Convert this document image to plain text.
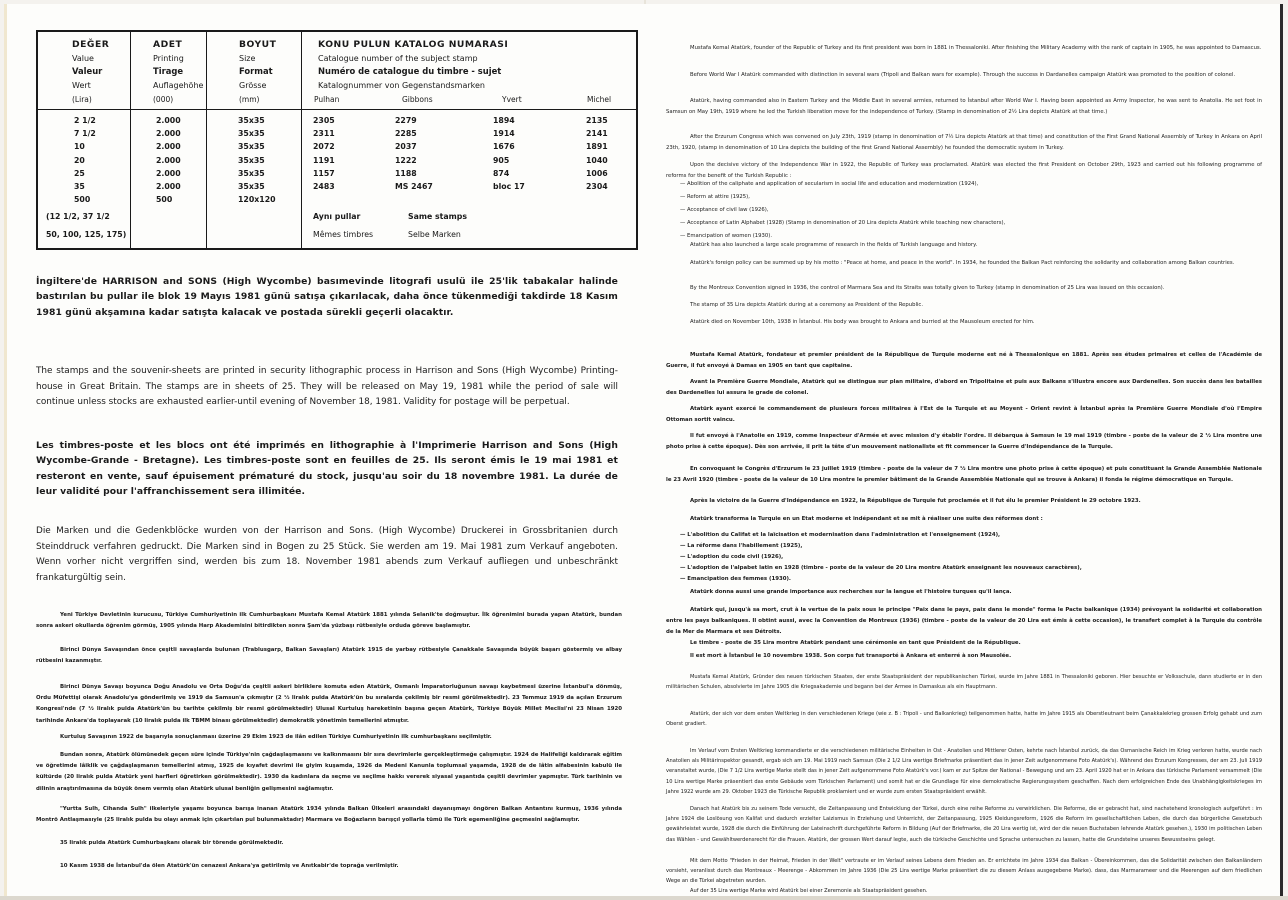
DEĞER
Value
Valeur
Wert
(Lira)
ADET
Printing
Tirage
Auflagehöhe
(000)
BOYUT
Size
Format
Grösse
(mm)
KONU PULUN KATALOG NUMARASI
Catalogue number of the subject stamp
Numéro de catalogue du timbre - sujet
Katalognummer von Gegenstandsmarken
Pulhan	Gibbons	Yvert	Michel
2 1/2	2.000	35x35	2305	2279	1894	2135
7 1/2	2.000	35x35	2311	2285	1914	2141
10	2.000	35x35	2072	2037	1676	1891
20	2.000	35x35	1191	1222	905	1040
25	2.000	35x35	1157	1188	874	1006
35	2.000	35x35	2483	MS 2467	bloc 17	2304
500	500	120x120
(12 1/2, 37 1/2
50, 100, 125, 175)
Aynı pullar	Same stamps
Mêmes timbres	Selbe Marken
İngiltere'de HARRISON and SONS (High Wycombe) basımevinde litografi usulü ile 25'lik tabakalar halinde bastırılan bu pullar ile blok 19 Mayıs 1981 günü satışa çıkarılacak, daha önce tükenmediği takdirde 18 Kasım 1981 günü akşamına kadar satışta kalacak ve postada sürekli geçerli olacaktır.
The stamps and the souvenir-sheets are printed in security lithographic process in Harrison and Sons (High Wycombe) Printing-house in Great Britain. The stamps are in sheets of 25. They will be released on May 19, 1981 while the period of sale will continue unless stocks are exhausted earlier-until evening of November 18, 1981. Validity for postage will be perpetual.
Les timbres-poste et les blocs ont été imprimés en lithographie à l'Imprimerie Harrison and Sons (High Wycombe-Grande - Bretagne). Les timbres-poste sont en feuilles de 25. Ils seront émis le 19 mai 1981 et resteront en vente, sauf épuisement prématuré du stock, jusqu'au soir du 18 novembre 1981. La durée de leur validité pour l'affranchissement sera illimitée.
Die Marken und die Gedenkblöcke wurden von der Harrison and Sons. (High Wycombe) Druckerei in Grossbritanien durch Steinddruck verfahren gedruckt. Die Marken sind in Bogen zu 25 Stück. Sie werden am 19. Mai 1981 zum Verkauf angeboten. Wenn vorher nicht vergriffen sind, werden bis zum 18. November 1981 abends zum Verkauf aufliegen und unbeschränkt frankaturgültig sein.
Yeni Türkiye Devletinin kurucusu, Türkiye Cumhuriyetinin ilk Cumhurbaşkanı Mustafa Kemal Atatürk 1881 yılında Selanik'te doğmuştur. İlk öğrenimini burada yapan Atatürk, bundan sonra askeri okullarda öğrenim görmüş, 1905 yılında Harp Akademisini bitirdikten sonra Şam'da yüzbaşı rütbesiyle orduda göreve başlamıştır.
Birinci Dünya Savaşından önce çeşitli savaşlarda bulunan (Trablusgarp, Balkan Savaşları) Atatürk 1915 de yarbay rütbesiyle Çanakkale Savaşında büyük başarı göstermiş ve albay rütbesini kazanmıştır.
Birinci Dünya Savaşı boyunca Doğu Anadolu ve Orta Doğu'da çeşitli askeri birliklere komuta eden Atatürk, Osmanlı İmparatorluğunun savaşı kaybetmesi üzerine İstanbul'a dönmüş, Ordu Müfettişi olarak Anadolu'ya gönderilmiş ve 1919 da Samsun'a çıkmıştır (2 ½ liralık pulda Atatürk'ün bu sıralarda çekilmiş bir resmi görülmektedir). 23 Temmuz 1919 da açılan Erzurum Kongresi'nde (7 ½ liralık pulda Atatürk'ün bu tarihte çekilmiş bir resmi görülmektedir) Ulusal Kurtuluş hareketinin başına geçen Atatürk, Türkiye Büyük Millet Meclisi'ni 23 Nisan 1920 tarihinde Ankara'da toplayarak (10 liralık pulda ilk TBMM binası görülmektedir) demokratik yönetimin temellerini atmıştır.
Kurtuluş Savaşının 1922 de başarıyla sonuçlanması üzerine 29 Ekim 1923 de ilân edilen Türkiye Cumhuriyetinin ilk cumhurbaşkanı seçilmiştir.
Bundan sonra, Atatürk ölümünedek geçen süre içinde Türkiye'nin çağdaşlaşmasını ve kalkınmasını bir sıra devrimlerle gerçekleştirmeğe çalışmıştır. 1924 de Halifeliği kaldırarak eğitim ve öğretimde lâiklik ve çağdaşlaşmanın temellerini atmış, 1925 de kıyafet devrimi ile giyim kuşamda, 1926 da Medeni Kanunla toplumsal yaşamda, 1928 de de lâtin alfabesinin kabulü ile kültürde (20 liralık pulda Atatürk yeni harfleri öğretirken görülmektedir). 1930 da kadınlara da seçme ve seçilme hakkı vererek siyasal yaşantıda çeşitli devrimler yapmıştır. Türk tarihinin ve dilinin araştırılmasına da büyük önem vermiş olan Atatürk ulusal benliğin gelişmesini sağlamıştır.
"Yurtta Sulh, Cihanda Sulh" ilkeleriyle yaşamı boyunca barışa inanan Atatürk 1934 yılında Balkan Ülkeleri arasındaki dayanışmayı öngören Balkan Antantını kurmuş, 1936 yılında Montrö Antlaşmasıyle (25 liralık pulda bu olayı anmak için çıkartılan pul bulunmaktadır) Marmara ve Boğazların barışçıl yollarla tümü ile Türk egemenliğine geçmesini sağlamıştır.
35 liralık pulda Atatürk Cumhurbaşkanı olarak bir törende görülmektedir.
10 Kasım 1938 de İstanbul'da ölen Atatürk'ün cenazesi Ankara'ya getirilmiş ve Anıtkabir'de toprağa verilmiştir.
Mustafa Kemal Atatürk, founder of the Republic of Turkey and its first president was born in 1881 in Thessaloniki. After finishing the Military Academy with the rank of captain in 1905, he was appointed to Damascus.
Before World War I Atatürk commanded with distinction in several wars (Tripoli and Balkan wars for example). Through the success in Dardanelles campaign Atatürk was promoted to the position of colonel.
Atatürk, having commanded also in Eastern Turkey and the Middle East in several armies, returned to İstanbul after World War I. Having been appointed as Army Inspector, he was sent to Anatolia. He set foot in Samsun on May 19th, 1919 where he led the Turkish liberation move for the independence of Turkey. (Stamp in denomination of 2½ Lira depicts Atatürk at that time.)
After the Erzurum Congress which was convened on July 23th, 1919 (stamp in denomination of 7½ Lira depicts Atatürk at that time) and constitution of the First Grand National Assembly of Turkey in Ankara on April 23th, 1920, (stamp in denomination of 10 Lira depicts the building of the first Grand National Assembly) he founded the democratic system in Turkey.
Upon the decisive victory of the Independence War in 1922, the Republic of Turkey was proclamated. Atatürk was elected the first President on October 29th, 1923 and carried out his following programme of reforms for the benefit of the Turkish Republic :
— Abolition of the caliphate and application of secularism in social life and education and modernization (1924),
— Reform at attire (1925),
— Acceptance of civil law (1926),
— Acceptance of Latin Alphabet (1928) (Stamp in denomination of 20 Lira depicts Atatürk while teaching new characters),
— Emancipation of women (1930).
Atatürk has also launched a large scale programme of research in the fields of Turkish language and history.
Atatürk's foreign policy can be summed up by his motto : "Peace at home, and peace in the world". In 1934, he founded the Balkan Pact reinforcing the solidarity and collaboration among Balkan countries.
By the Montreux Convention signed in 1936, the control of Marmara Sea and its Straits was totally given to Turkey (stamp in denomination of 25 Lira was issued on this occasion).
The stamp of 35 Lira depicts Atatürk during at a ceremony as President of the Republic.
Atatürk died on November 10th, 1938 in İstanbul. His body was brought to Ankara and burried at the Mausoleum erected for him.
Mustafa Kemal Atatürk, fondateur et premier président de la République de Turquie moderne est né à Thessalonique en 1881. Après ses études primaires et celles de l'Académie de Guerre, il fut envoyé à Damas en 1905 en tant que capitaine.
Avant la Première Guerre Mondiale, Atatürk qui se distingua sur plan militaire, d'abord en Tripolitaine et puis aux Balkans s'illustra encore aux Dardenelles. Son succès dans les batailles des Dardenelles lui assura le grade de colonel.
Atatürk ayant exercé le commandement de plusieurs forces militaires à l'Est de la Turquie et au Moyent - Orient revint à İstanbul après la Première Guerre Mondiale d'où l'Empire Ottoman sortit vaincu.
Il fut envoyé à l'Anatolie en 1919, comme Inspecteur d'Armée et avec mission d'y établir l'ordre. Il débarqua à Samsun le 19 mai 1919 (timbre - poste de la valeur de 2 ½ Lira montre une photo prise à cette époque). Dès son arrivée, il prit la tête d'un mouvement nationaliste et fit commencer la Guerre d'Indépendance de la Turquie.
En convoquant le Congrès d'Erzurum le 23 juillet 1919 (timbre - poste de la valeur de 7 ½ Lira montre une photo prise à cette époque) et puis constituant la Grande Assemblée Nationale le 23 Avril 1920 (timbre - poste de la valeur de 10 Lira montre le premier bâtiment de la Grande Assemblée Nationale qui se trouve à Ankara) il fonda le régime démocratique en Turquie.
Après la victoire de la Guerre d'Indépendance en 1922, la République de Turquie fut proclamée et il fut élu le premier Président le 29 octobre 1923.
Atatürk transforma la Turquie en un Etat moderne et indépendant et se mit à réaliser une suite des réformes dont :
— L'abolition du Califat et la laïcisation et modernisation dans l'administration et l'enseignement (1924),
— La réforme dans l'habillement (1925),
— L'adoption du code civil (1926),
— L'adoption de l'alpabet latin en 1928 (timbre - poste de la valeur de 20 Lira montre Atatürk enseignant les nouveaux caractères),
— Emancipation des femmes (1930).
Atatürk donna aussi une grande importance aux recherches sur la langue et l'histoire turques qu'il lança.
Atatürk qui, jusqu'à sa mort, crut à la vertue de la paix sous le principe "Paix dans le pays, paix dans le monde" forma le Pacte balkanique (1934) prévoyant la solidarité et collaboration entre les pays balkaniques. Il obtint aussi, avec la Convention de Montreux (1936) (timbre - poste de la valeur de 20 Lira est émis à cette occasion), le transfert complet à la Turquie du contrôle de la Mer de Marmara et ses Détroits.
Le timbre - poste de 35 Lira montre Atatürk pendant une cérémonie en tant que Président de la République.
Il est mort à İstanbul le 10 novembre 1938. Son corps fut transporté à Ankara et enterré à son Mausolée.
Mustafa Kemal Atatürk, Gründer des neuen türkischen Staates, der erste Staatspräsident der republikanischen Türkei, wurde im Jahre 1881 in Thessaloniki geboren. Hier besuchte er Volksschule, dann studierte er in den militärischen Schulen, absolvierte im Jahre 1905 die Kriegsakademie und begann bei der Armee in Damaskus als ein Hauptmann.
Atatürk, der sich vor dem ersten Weltkrieg in den verschiedenen Kriege (wie z. B : Tripoli - und Balkankrieg) teilgenommen hatte, hatte im Jahre 1915 als Oberstleutnant beim Çanakkalekrieg grossen Erfolg gehabt und zum Oberst gradiert.
Im Verlauf vom Ersten Weltkrieg kommandierte er die verschiedenen militärische Einheiten in Ost - Anatolien und Mittlerer Osten, kehrte nach İstanbul zurück, da das Osmanische Reich im Krieg verloren hatte, wurde nach Anatolien als Militärinspektor gesandt, ergab sich am 19. Mai 1919 nach Samsun (Die 2 1/2 Lira wertige Briefmarke präsentiert das in jener Zeit aufgenommene Foto Atatürk's). Während des Erzurum Kongresses, der am 23. Juli 1919 veranstaltet wurde, (Die 7 1/2 Lira wertige Marke stellt das in jener Zeit aufgenommene Foto Atatürk's vor.) kam er zur Spitze der National - Bewegung und am 23. April 1920 hat er in Ankara das türkische Parlament versammelt (Die 10 Lira wertige Marke präsentiert das erste Gebäude vom Türkischen Parlament) und somit hat er die Grundlage für eine demokratische Regierungssystem geschaffen. Nach dem erfolgreichen Ende des Unabhängigkeitskrieges im Jahre 1922 wurde am 29. Oktober 1923 die Türkische Republik proklamiert und er wurde zum ersten Staatspräsident erwählt.
Danach hat Atatürk bis zu seinem Tode versucht, die Zeitanpassung und Entwicklung der Türkei, durch eine reihe Reforme zu verwirklichen. Die Reforme, die er gebracht hat, sind nachstehend kronologisch aufgeführt : im Jahre 1924 die Loslösung von Kalifat und dadurch erzielter Laizismus in Erziehung und Unterricht, der Zeitanpassung, 1925 Kleidungsreform, 1926 die Reform im gesellschaftlichen Leben, die durch das bürgerliche Gesetzbuch gewährleistet wurde, 1928 die durch die Einführung der Lateinschrift durchgeführte Reform in Bildung (Auf der Briefmarke, die 20 Lira wertig ist, wird der die neuen Buchstaben lehrende Atatürk gesehen.), 1930 im politischen Leben das Wählen - und Gewähltwerdensrecht für die Frauen. Atatürk, der grossen Wert darauf legte, auch die türkische Geschichte und Sprache untersuchen zu lassen, hatte die Grundsteine unseres Bewusstseins gelegt.
Mit dem Motto "Frieden in der Heimat, Frieden in der Welt" vertraute er im Verlauf seines Lebens dem Frieden an. Er errichtete im Jahre 1934 das Balkan - Übereinkommen, das die Solidarität zwischen den Balkanländern vorsieht, veranlisst durch das Montreaux - Meerenge - Abkommen im Jahre 1936 (Die 25 Lira wertige Marke präsentiert die zu diesem Anlass ausgegebene Marke). dass, das Marmarameer und die Meerengen auf dem friedlichen Wege an die Türkei abgetreten wurden.
Auf der 35 Lira wertige Marke wird Atatürk bei einer Zeremonie als Staatspräsident gesehen.
